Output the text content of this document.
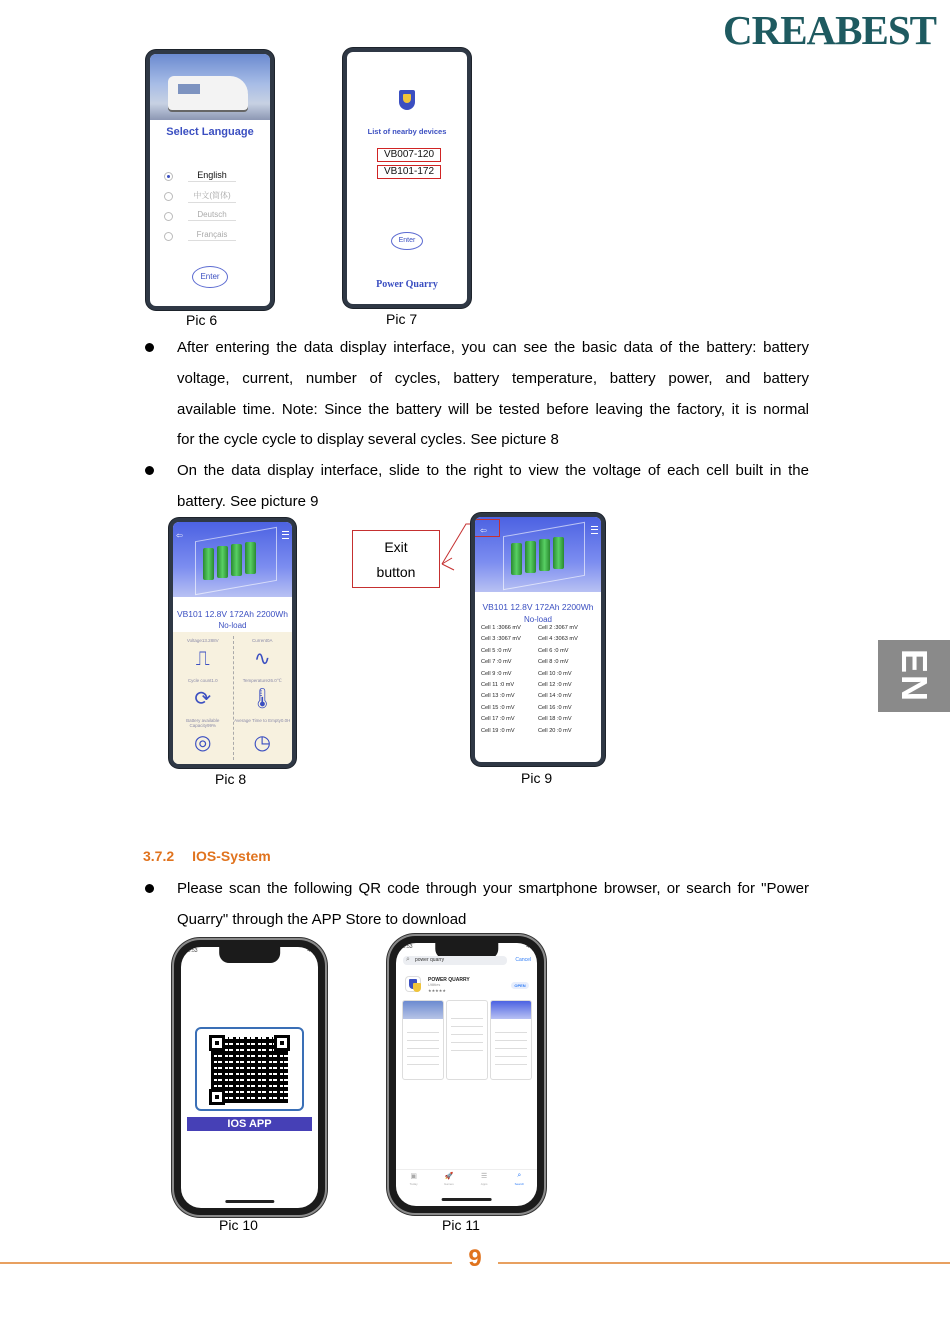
CREABEST
EN
Select Language
English
中文(简体)
Deutsch
Français
Enter
Pic 6
List of nearby devices
VB007-120
VB101-172
Enter
Power Quarry
Pic 7
After entering the data display interface, you can see the basic data of the battery: battery
voltage, current, number of cycles, battery temperature, battery power, and battery
available time. Note: Since the battery will be tested before leaving the factory, it is normal
for the cycle cycle to display several cycles. See picture 8
On the data display interface, slide to the right to view the voltage of each cell built in the
battery. See picture 9
⇦
VB101 12.8V 172Ah 2200Wh
No-load
Voltage13.288V	Current0A
⎍	∿
Cycle count1.0	Temperature26.0℃
⟳	🌡
Battery available Capacity99%
Average Time to Empty0.0H
◎	◷
Pic 8
Exit
button
⇦
VB101 12.8V 172Ah 2200Wh
No-load
Cell 1 :3066 mV	Cell 2 :3067 mV
Cell 3 :3067 mV	Cell 4 :3063 mV
Cell 5 :0 mV	Cell 6 :0 mV
Cell 7 :0 mV	Cell 8 :0 mV
Cell 9 :0 mV	Cell 10 :0 mV
Cell 11 :0 mV	Cell 12 :0 mV
Cell 13 :0 mV	Cell 14 :0 mV
Cell 15 :0 mV	Cell 16 :0 mV
Cell 17 :0 mV	Cell 18 :0 mV
Cell 19 :0 mV	Cell 20 :0 mV
Pic 9
3.7.2 IOS-System
Please scan the following QR code through your smartphone browser, or search for "Power
Quarry" through the APP Store to download
10:53	4G
IOS APP
Pic 10
10:53	4G
⌕ power quarry	Cancel
POWER QUARRY
Utilities
★★★★★
OPEN
▣
Today
🚀
Games
☰
Apps
⌕
Search
Pic 11
9
